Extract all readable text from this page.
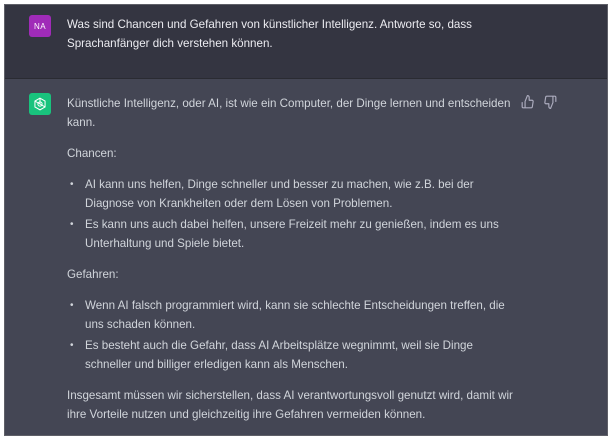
NA Was sind Chancen und Gefahren von künstlicher Intelligenz. Antworte so, dass Sprachanfänger dich verstehen können.

Künstliche Intelligenz, oder AI, ist wie ein Computer, der Dinge lernen und entscheiden kann.

Chancen:

• AI kann uns helfen, Dinge schneller und besser zu machen, wie z.B. bei der Diagnose von Krankheiten oder dem Lösen von Problemen.
• Es kann uns auch dabei helfen, unsere Freizeit mehr zu genießen, indem es uns Unterhaltung und Spiele bietet.

Gefahren:

• Wenn AI falsch programmiert wird, kann sie schlechte Entscheidungen treffen, die uns schaden können.
• Es besteht auch die Gefahr, dass AI Arbeitsplätze wegnimmt, weil sie Dinge schneller und billiger erledigen kann als Menschen.

Insgesamt müssen wir sicherstellen, dass AI verantwortungsvoll genutzt wird, damit wir ihre Vorteile nutzen und gleichzeitig ihre Gefahren vermeiden können.
